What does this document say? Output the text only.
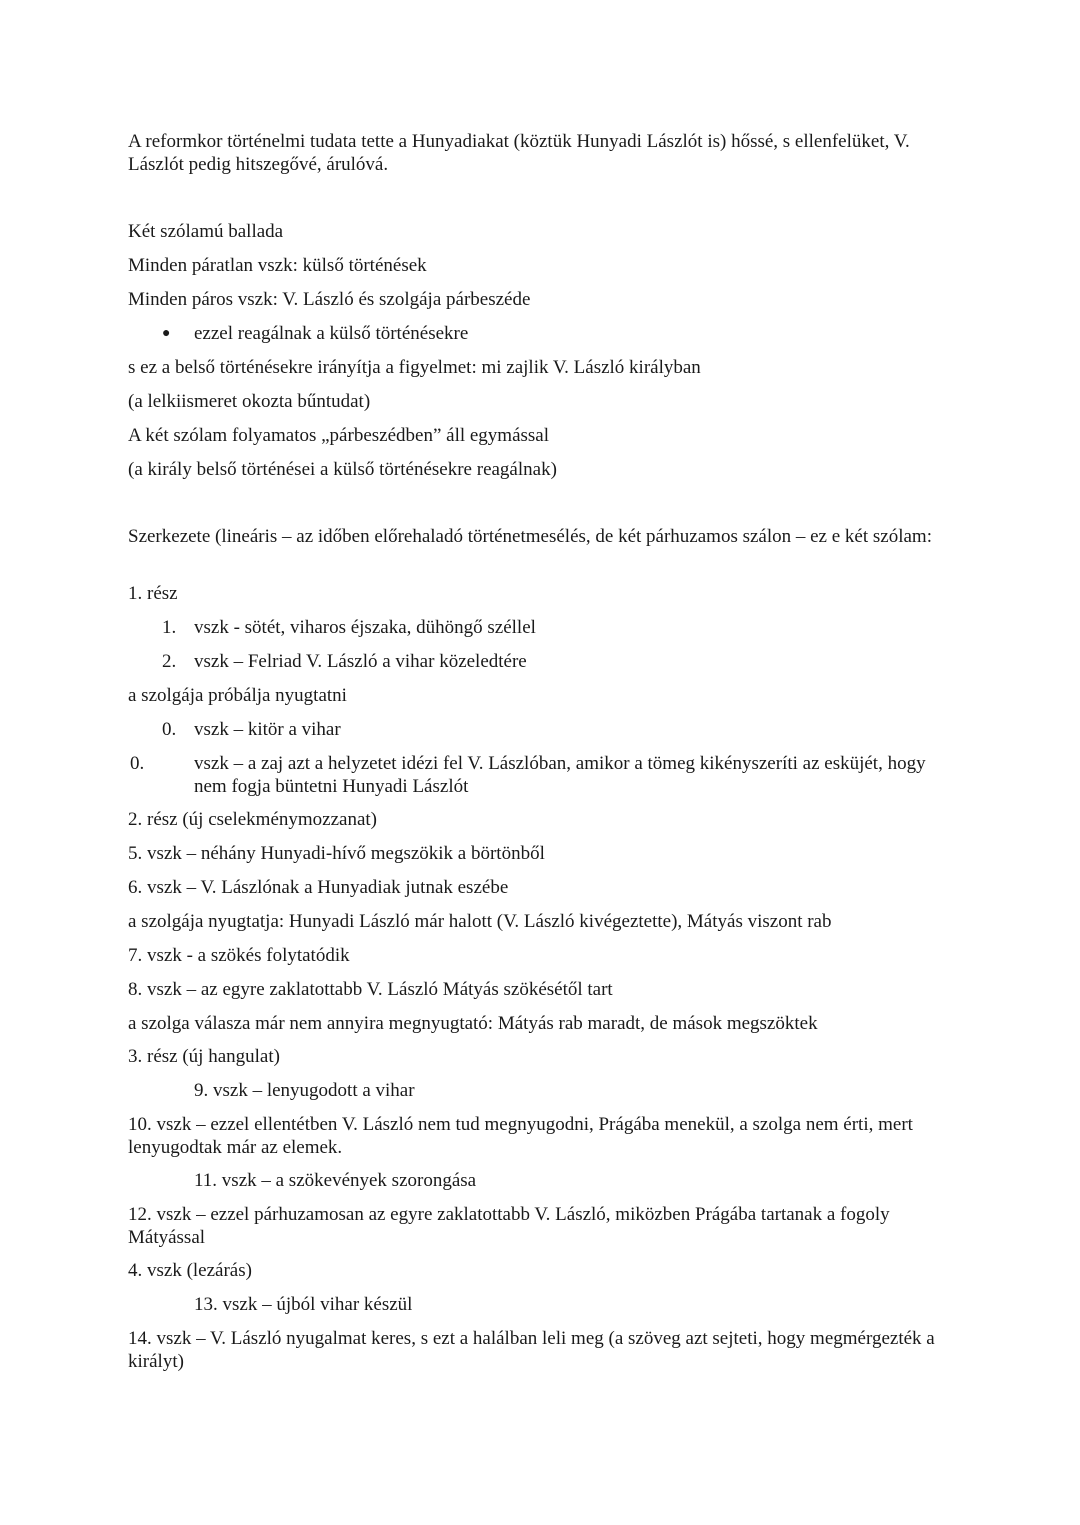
A reformkor történelmi tudata tette a Hunyadiakat (köztük Hunyadi Lászlót is) hőssé, s ellenfelüket, V. Lászlót pedig hitszegővé, árulóvá.
Két szólamú ballada
Minden páratlan vszk: külső történések
Minden páros vszk: V. László és szolgája párbeszéde
● ezzel reagálnak a külső történésekre
s ez a belső történésekre irányítja a figyelmet: mi zajlik V. László királyban
(a lelkiismeret okozta bűntudat)
A két szólam folyamatos „párbeszédben” áll egymással
(a király belső történései a külső történésekre reagálnak)
Szerkezete (lineáris – az időben előrehaladó történetmesélés, de két párhuzamos szálon – ez e két szólam:
1. rész
1. vszk - sötét, viharos éjszaka, dühöngő széllel
2. vszk – Felriad V. László a vihar közeledtére
a szolgája próbálja nyugtatni
0. vszk – kitör a vihar
0.	vszk – a zaj azt a helyzetet idézi fel V. Lászlóban, amikor a tömeg kikényszeríti az esküjét, hogy nem fogja büntetni Hunyadi Lászlót
2. rész (új cselekménymozzanat)
5. vszk – néhány Hunyadi-hívő megszökik a börtönből
6. vszk – V. Lászlónak a Hunyadiak jutnak eszébe
a szolgája nyugtatja: Hunyadi László már halott (V. László kivégeztette), Mátyás viszont rab
7. vszk - a szökés folytatódik
8. vszk – az egyre zaklatottabb V. László Mátyás szökésétől tart
a szolga válasza már nem annyira megnyugtató: Mátyás rab maradt, de mások megszöktek
3. rész (új hangulat)
9. vszk – lenyugodott a vihar
10. vszk – ezzel ellentétben V. László nem tud megnyugodni, Prágába menekül, a szolga nem érti, mert lenyugodtak már az elemek.
11. vszk – a szökevények szorongása
12. vszk – ezzel párhuzamosan az egyre zaklatottabb V. László, miközben Prágába tartanak a fogoly Mátyással
4. vszk (lezárás)
13. vszk – újból vihar készül
14. vszk – V. László nyugalmat keres, s ezt a halálban leli meg (a szöveg azt sejteti, hogy megmérgezték a királyt)
